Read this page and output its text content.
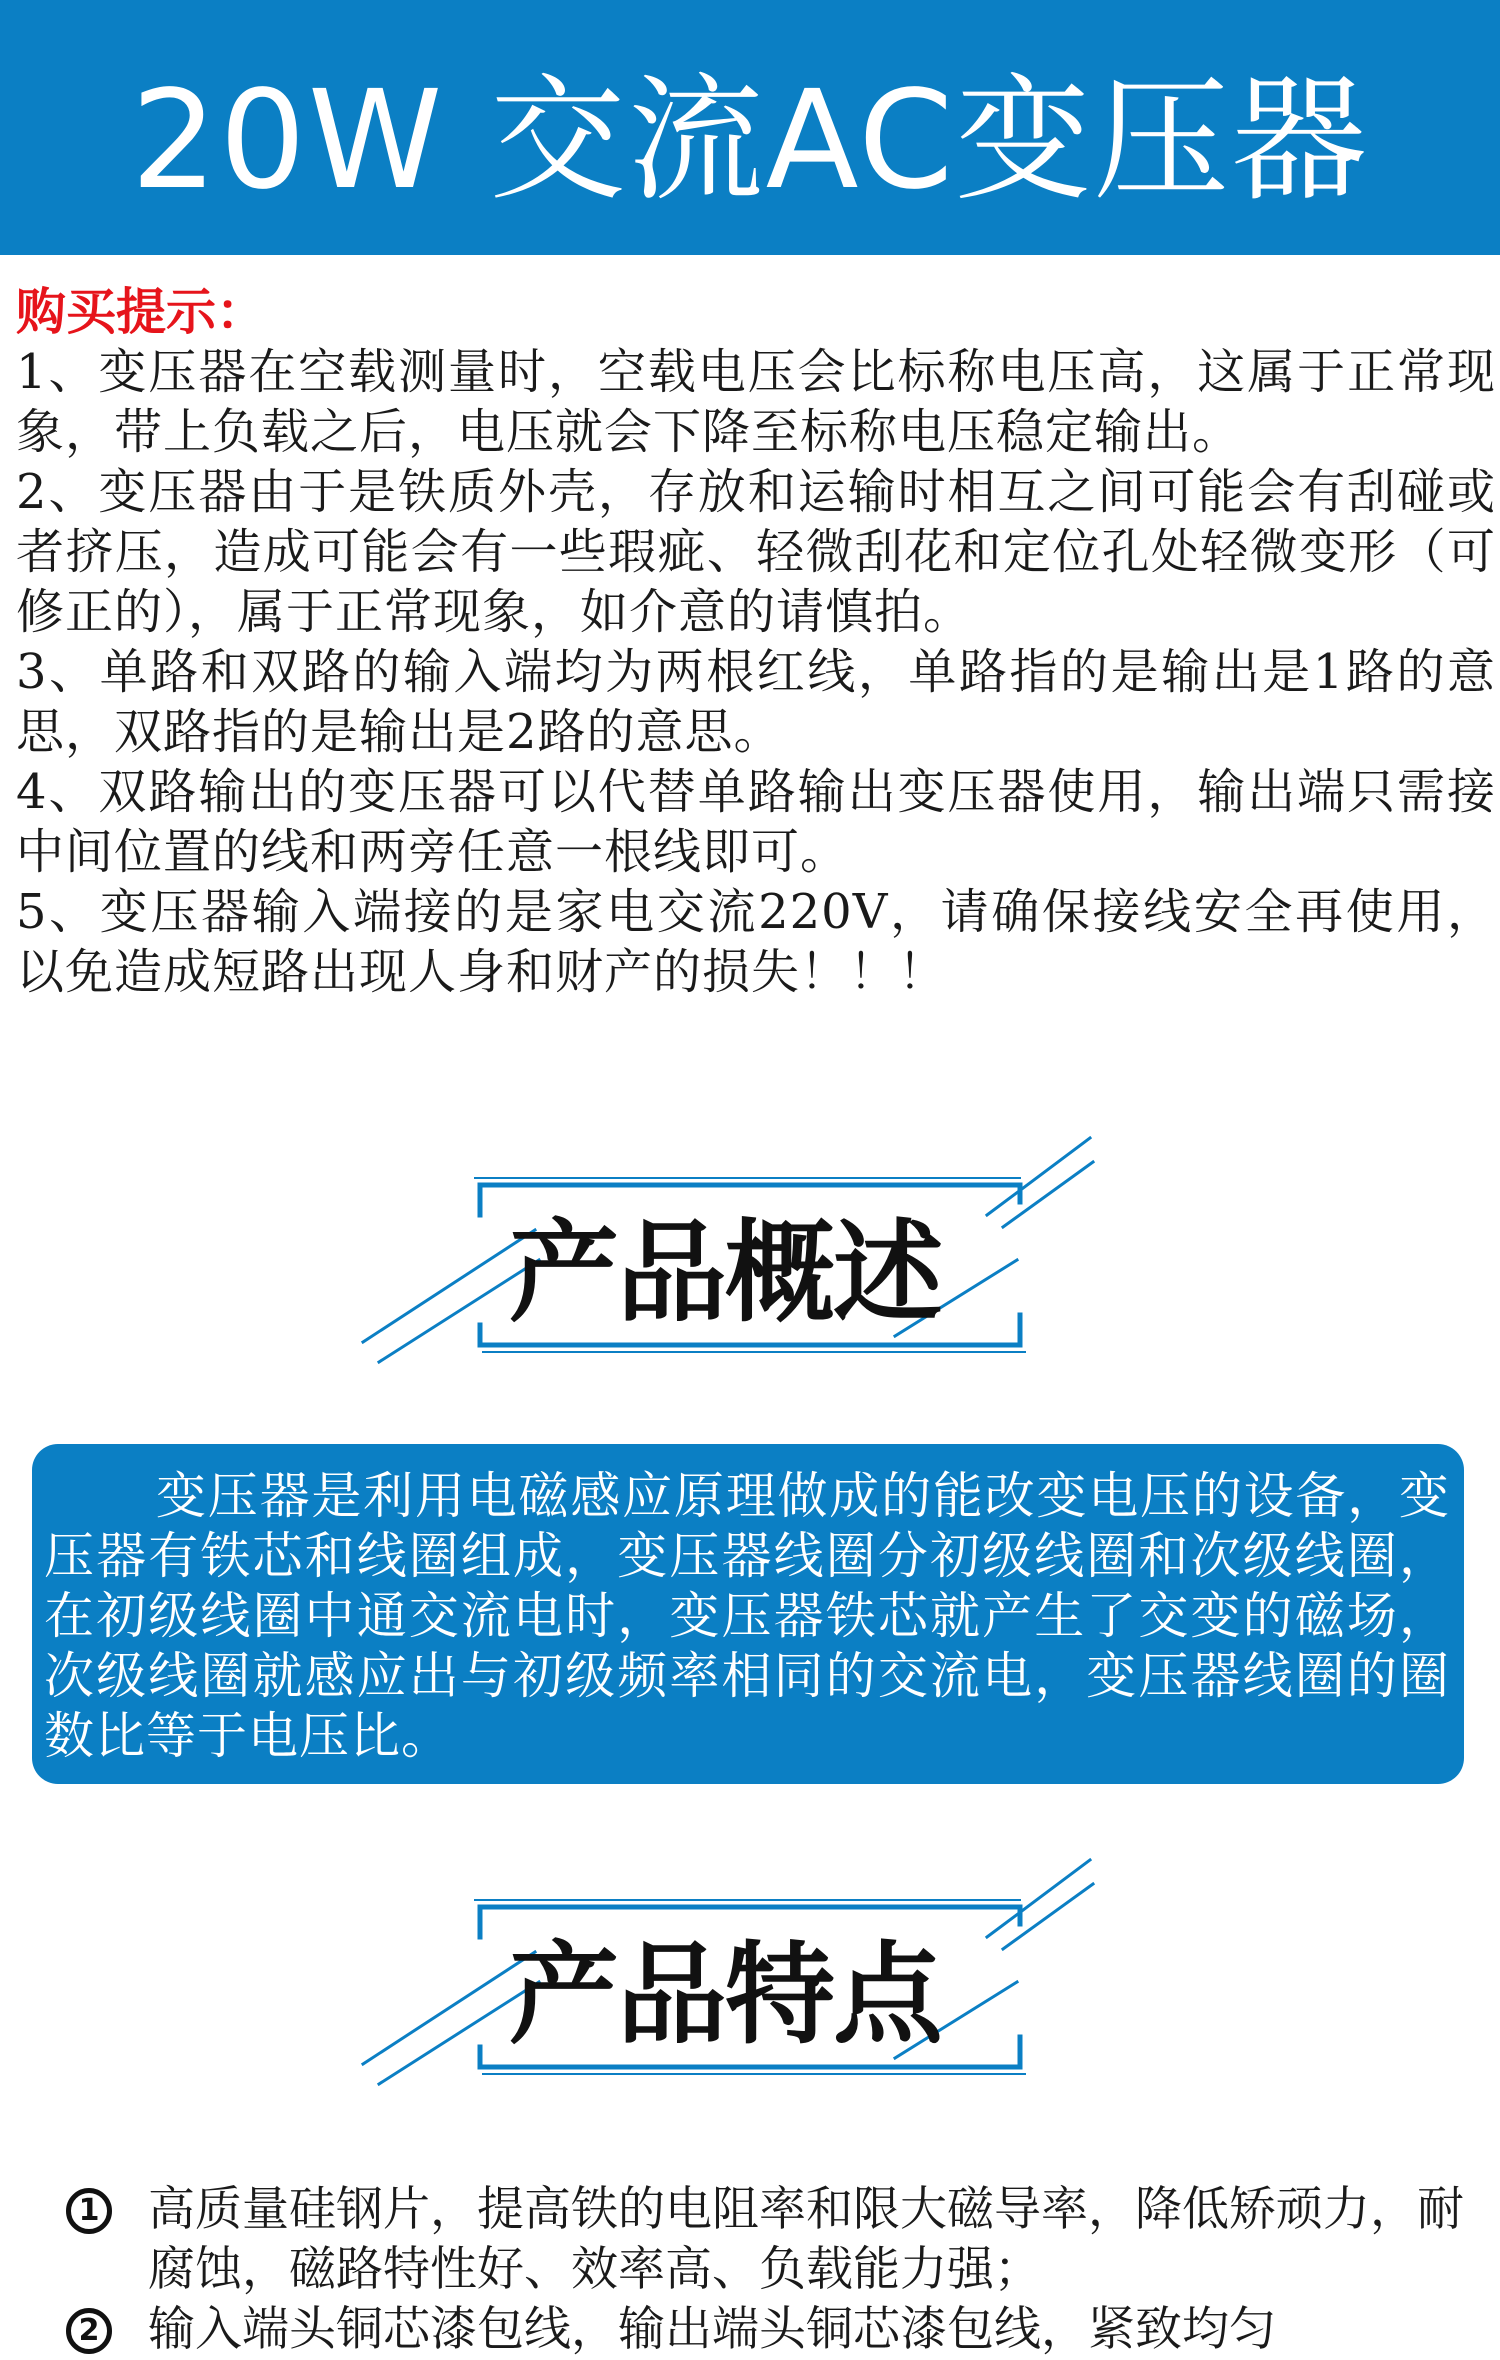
20W 交流AC变压器
购买提示：
1、变压器在空载测量时，空载电压会比标称电压高，这属于正常现象，带上负载之后，电压就会下降至标称电压稳定输出。
2、变压器由于是铁质外壳，存放和运输时相互之间可能会有刮碰或者挤压，造成可能会有一些瑕疵、轻微刮花和定位孔处轻微变形（可修正的），属于正常现象，如介意的请慎拍。
3、单路和双路的输入端均为两根红线，单路指的是输出是1路的意思，双路指的是输出是2路的意思。
4、双路输出的变压器可以代替单路输出变压器使用，输出端只需接中间位置的线和两旁任意一根线即可。
5、变压器输入端接的是家电交流220V，请确保接线安全再使用，以免造成短路出现人身和财产的损失！！！
产品概述

变压器是利用电磁感应原理做成的能改变电压的设备，变压器有铁芯和线圈组成，变压器线圈分初级线圈和次级线圈，在初级线圈中通交流电时，变压器铁芯就产生了交变的磁场，次级线圈就感应出与初级频率相同的交流电，变压器线圈的圈数比等于电压比。

产品特点
1 高质量硅钢片，提高铁的电阻率和限大磁导率，降低矫顽力，耐腐蚀，磁路特性好、效率高、负载能力强；
2 输入端头铜芯漆包线，输出端头铜芯漆包线，紧致均匀
